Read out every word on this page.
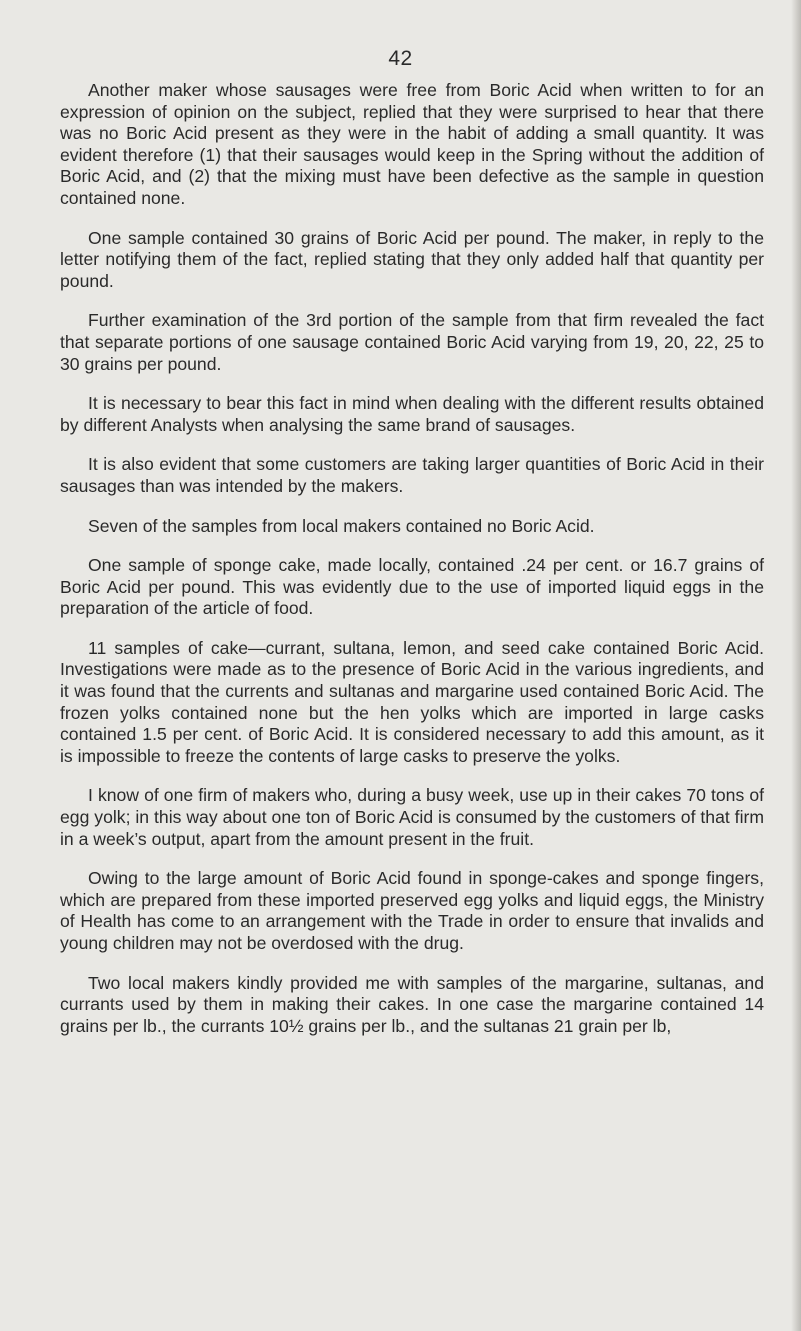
42

Another maker whose sausages were free from Boric Acid when written to for an expression of opinion on the subject, replied that they were surprised to hear that there was no Boric Acid present as they were in the habit of adding a small quantity. It was evident therefore (1) that their sausages would keep in the Spring without the addition of Boric Acid, and (2) that the mixing must have been defective as the sample in question contained none.

One sample contained 30 grains of Boric Acid per pound. The maker, in reply to the letter notifying them of the fact, replied stating that they only added half that quantity per pound.

Further examination of the 3rd portion of the sample from that firm revealed the fact that separate portions of one sausage contained Boric Acid varying from 19, 20, 22, 25 to 30 grains per pound.

It is necessary to bear this fact in mind when dealing with the different results obtained by different Analysts when analysing the same brand of sausages.

It is also evident that some customers are taking larger quantities of Boric Acid in their sausages than was intended by the makers.

Seven of the samples from local makers contained no Boric Acid.

One sample of sponge cake, made locally, contained .24 per cent. or 16.7 grains of Boric Acid per pound. This was evidently due to the use of imported liquid eggs in the preparation of the article of food.

11 samples of cake—currant, sultana, lemon, and seed cake contained Boric Acid. Investigations were made as to the presence of Boric Acid in the various ingredients, and it was found that the currents and sultanas and margarine used contained Boric Acid. The frozen yolks contained none but the hen yolks which are imported in large casks contained 1.5 per cent. of Boric Acid. It is considered necessary to add this amount, as it is impossible to freeze the contents of large casks to preserve the yolks.

I know of one firm of makers who, during a busy week, use up in their cakes 70 tons of egg yolk; in this way about one ton of Boric Acid is consumed by the customers of that firm in a week’s output, apart from the amount present in the fruit.

Owing to the large amount of Boric Acid found in sponge-cakes and sponge fingers, which are prepared from these imported preserved egg yolks and liquid eggs, the Ministry of Health has come to an arrangement with the Trade in order to ensure that invalids and young children may not be overdosed with the drug.

Two local makers kindly provided me with samples of the margarine, sultanas, and currants used by them in making their cakes. In one case the margarine contained 14 grains per lb., the currants 10½ grains per lb., and the sultanas 21 grain per lb,
